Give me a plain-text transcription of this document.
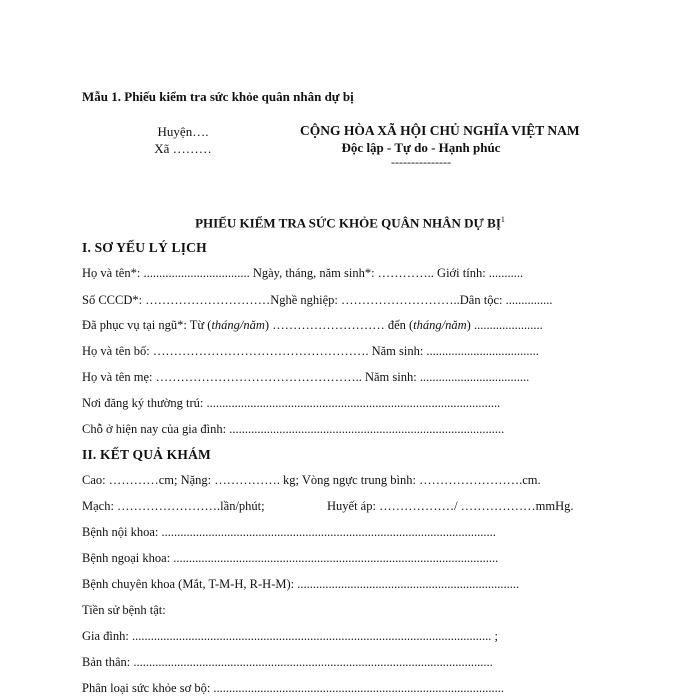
Mẫu 1. Phiếu kiểm tra sức khỏe quân nhân dự bị
Huyện….
Xã ………
CỘNG HÒA XÃ HỘI CHỦ NGHĨA VIỆT NAM
Độc lập - Tự do - Hạnh phúc
---------------
PHIẾU KIỂM TRA SỨC KHỎE QUÂN NHÂN DỰ BỊ$^1$
I. SƠ YẾU LÝ LỊCH
Họ và tên*: .................................. Ngày, tháng, năm sinh*: ………….. Giới tính: ...........
Số CCCD*: …………………………Nghề nghiệp: ………………………..Dân tộc: ...............
Đã phục vụ tại ngũ*: Từ (tháng/năm) ……………………… đến (tháng/năm) ......................
Họ và tên bố: ……………………………………………. Năm sinh: ....................................
Họ và tên mẹ: ………………………………………….. Năm sinh: ...................................
Nơi đăng ký thường trú: ..............................................................................................
Chỗ ở hiện nay của gia đình: ........................................................................................
II. KẾT QUẢ KHÁM
Cao: …………cm; Nặng: ……………. kg; Vòng ngực trung bình: …………………….cm.
Mạch: …………………….lần/phút;	Huyết áp: ………………/ ………………mmHg.
Bệnh nội khoa: ...........................................................................................................
Bệnh ngoại khoa: ........................................................................................................
Bệnh chuyên khoa (Mắt, T-M-H, R-H-M): .......................................................................
Tiền sử bệnh tật:
Gia đình: ................................................................................................................... ;
Bản thân: ...................................................................................................................
Phân loại sức khỏe sơ bộ: .............................................................................................
